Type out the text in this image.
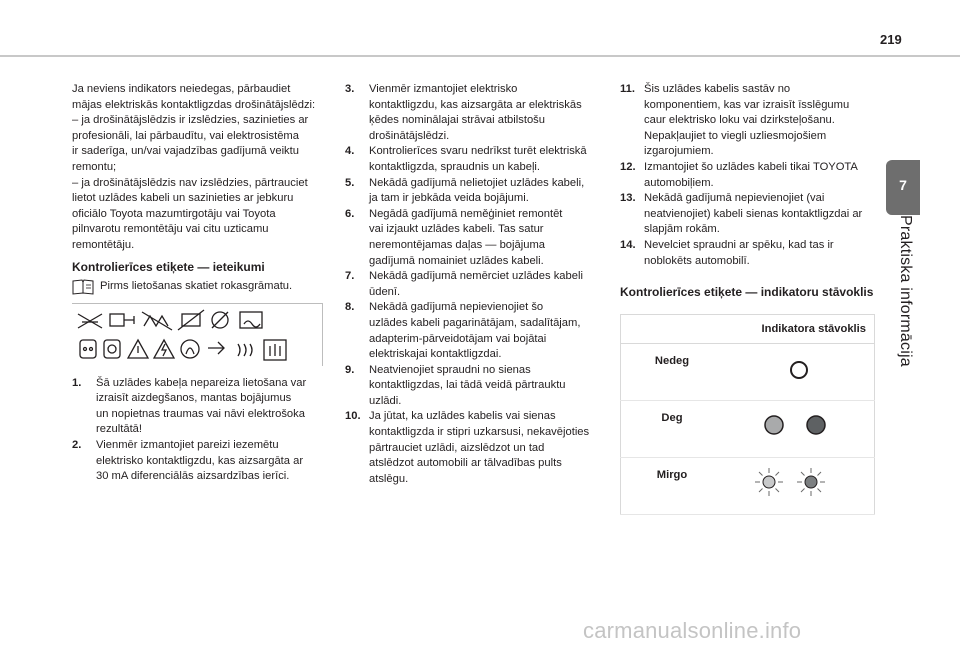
219
7
Praktiska informācija

Ja neviens indikators neiedegas, pārbaudiet

mājas elektriskās kontaktligzdas drošinātājslēdzi:

– ja drošinātājslēdzis ir izslēdzies, sazinieties ar

profesionāli, lai pārbaudītu, vai elektrosistēma

ir saderīga, un/vai vajadzības gadījumā veiktu

remontu;

– ja drošinātājslēdzis nav izslēdzies, pārtrauciet

lietot uzlādes kabeli un sazinieties ar jebkuru

oficiālo Toyota mazumtirgotāju vai Toyota

pilnvarotu remontētāju vai citu uzticamu

remontētāju.

Kontrolierīces etiķete — ieteikumi
Pirms lietošanas skatiet rokasgrāmatu.
1.	Šā uzlādes kabeļa nepareiza lietošana var
izraisīt aizdegšanos, mantas bojājumus
un nopietnas traumas vai nāvi elektrošoka
rezultātā!
2.	Vienmēr izmantojiet pareizi iezemētu
elektrisko kontaktligzdu, kas aizsargāta ar
30 mA diferenciālās aizsardzības ierīci.
3.	Vienmēr izmantojiet elektrisko
kontaktligzdu, kas aizsargāta ar elektriskās
ķēdes nominālajai strāvai atbilstošu
drošinātājslēdzi.
4.	Kontrolierīces svaru nedrīkst turēt elektriskā
kontaktligzda, spraudnis un kabeļi.
5.	Nekādā gadījumā nelietojiet uzlādes kabeli,
ja tam ir jebkāda veida bojājumi.
6.	Negādā gadījumā neměģiniet remontēt
vai izjaukt uzlādes kabeli. Tas satur
neremontējamas daļas — bojājuma
gadījumā nomainiet uzlādes kabeli.
7.	Nekādā gadījumā nemērciet uzlādes kabeli
ūdenī.
8.	Nekādā gadījumā nepievienojiet šo
uzlādes kabeli pagarinātājam, sadalītājam,
adapterim-pārveidotājam vai bojātai
elektriskajai kontaktligzdai.
9.	Neatvienojiet spraudni no sienas
kontaktligzdas, lai tādā veidā pārtrauktu
uzlādi.
10. Ja jūtat, ka uzlādes kabelis vai sienas
kontaktligzda ir stipri uzkarsusi, nekavējoties
pārtrauciet uzlādi, aizslēdzot un tad
atslēdzot automobili ar tālvadības pults
atslēgu.
11. Šis uzlādes kabelis sastāv no
komponentiem, kas var izraisīt īsslēgumu
caur elektrisko loku vai dzirksteļošanu.
Nepakļaujiet to viegli uzliesmojošiem
izgarojumiem.
12. Izmantojiet šo uzlādes kabeli tikai TOYOTA
automobiļiem.
13. Nekādā gadījumā nepievienojiet (vai
neatvienojiet) kabeli sienas kontaktligzdai ar
slapjām rokām.
14. Nevelciet spraudni ar spēku, kad tas ir
noblokēts automobilī.
Kontrolierīces etiķete — indikatoru stāvoklis
Indikatora stāvoklis	
Nedeg	
Deg	
Mirgo	
carmanualsonline.info
